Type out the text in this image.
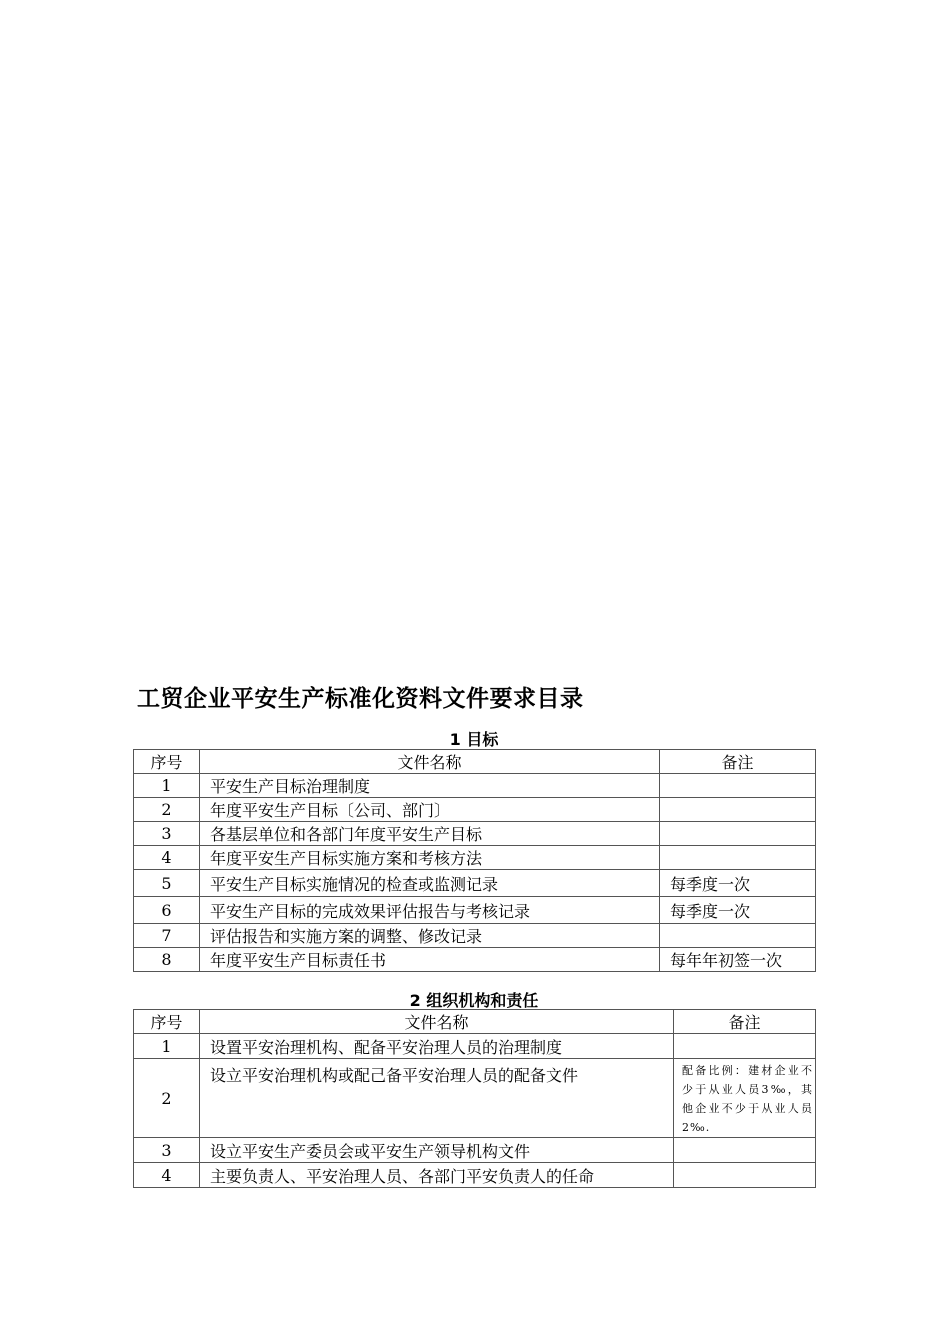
工贸企业平安生产标准化资料文件要求目录
1 目标
序号	文件名称	备注
1	平安生产目标治理制度	
2	年度平安生产目标〔公司、部门〕	
3	各基层单位和各部门年度平安生产目标	
4	年度平安生产目标实施方案和考核方法	
5	平安生产目标实施情况的检查或监测记录	每季度一次
6	平安生产目标的完成效果评估报告与考核记录	每季度一次
7	评估报告和实施方案的调整、修改记录	
8	年度平安生产目标责任书	每年年初签一次
2 组织机构和责任
序号	文件名称	备注
1	设置平安治理机构、配备平安治理人员的治理制度	
2	设立平安治理机构或配己备平安治理人员的配备文件	配备比例：建材企业不少于从业人员3‰，其他企业不少于从业人员2‰.
3	设立平安生产委员会或平安生产领导机构文件	
4	主要负责人、平安治理人员、各部门平安负责人的任命	
